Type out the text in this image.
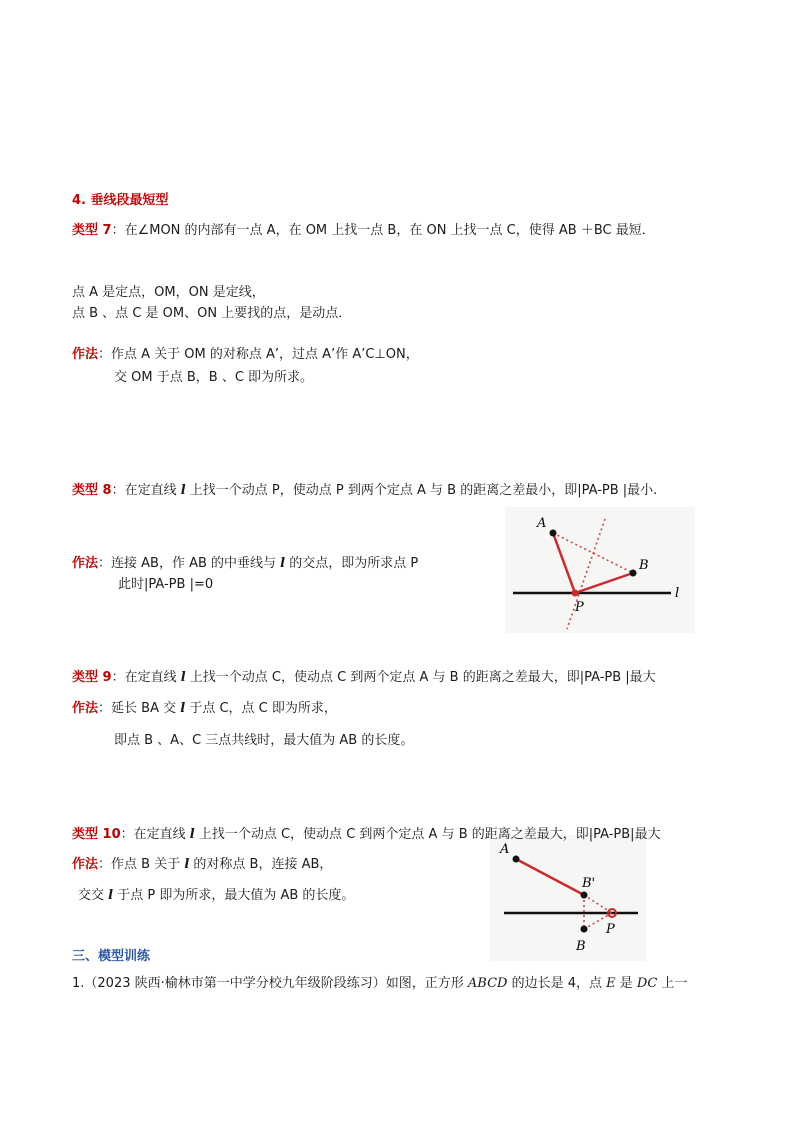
4. 垂线段最短型
类型 7：在∠MON 的内部有一点 A，在 OM 上找一点 B，在 ON 上找一点 C，使得 AB ＋BC 最短．
点 A 是定点，OM，ON 是定线，
点 B 、点 C 是 OM、ON 上要找的点，是动点．
作法：作点 A 关于 OM 的对称点 A’，过点 A’作 A’C⊥ON，
交 OM 于点 B，B 、C 即为所求。
类型 8：在定直线 l 上找一个动点 P，使动点 P 到两个定点 A 与 B 的距离之差最小，即|PA-PB |最小.
作法：连接 AB，作 AB 的中垂线与 l 的交点，即为所求点 P
此时|PA-PB |=0
A
B
P
l
类型 9：在定直线 l 上找一个动点 C，使动点 C 到两个定点 A 与 B 的距离之差最大，即|PA-PB |最大
作法：延长 BA 交 l 于点 C，点 C 即为所求，
即点 B 、A、C 三点共线时，最大值为 AB 的长度。
A
B'
B
P
类型 10：在定直线 l 上找一个动点 C，使动点 C 到两个定点 A 与 B 的距离之差最大，即|PA-PB|最大
作法：作点 B 关于 l 的对称点 B，连接 AB，
交交 l 于点 P 即为所求，最大值为 AB 的长度。
三、模型训练
1.（2023 陕西·榆林市第一中学分校九年级阶段练习）如图，正方形 ABCD 的边长是 4，点 E 是 DC 上一
